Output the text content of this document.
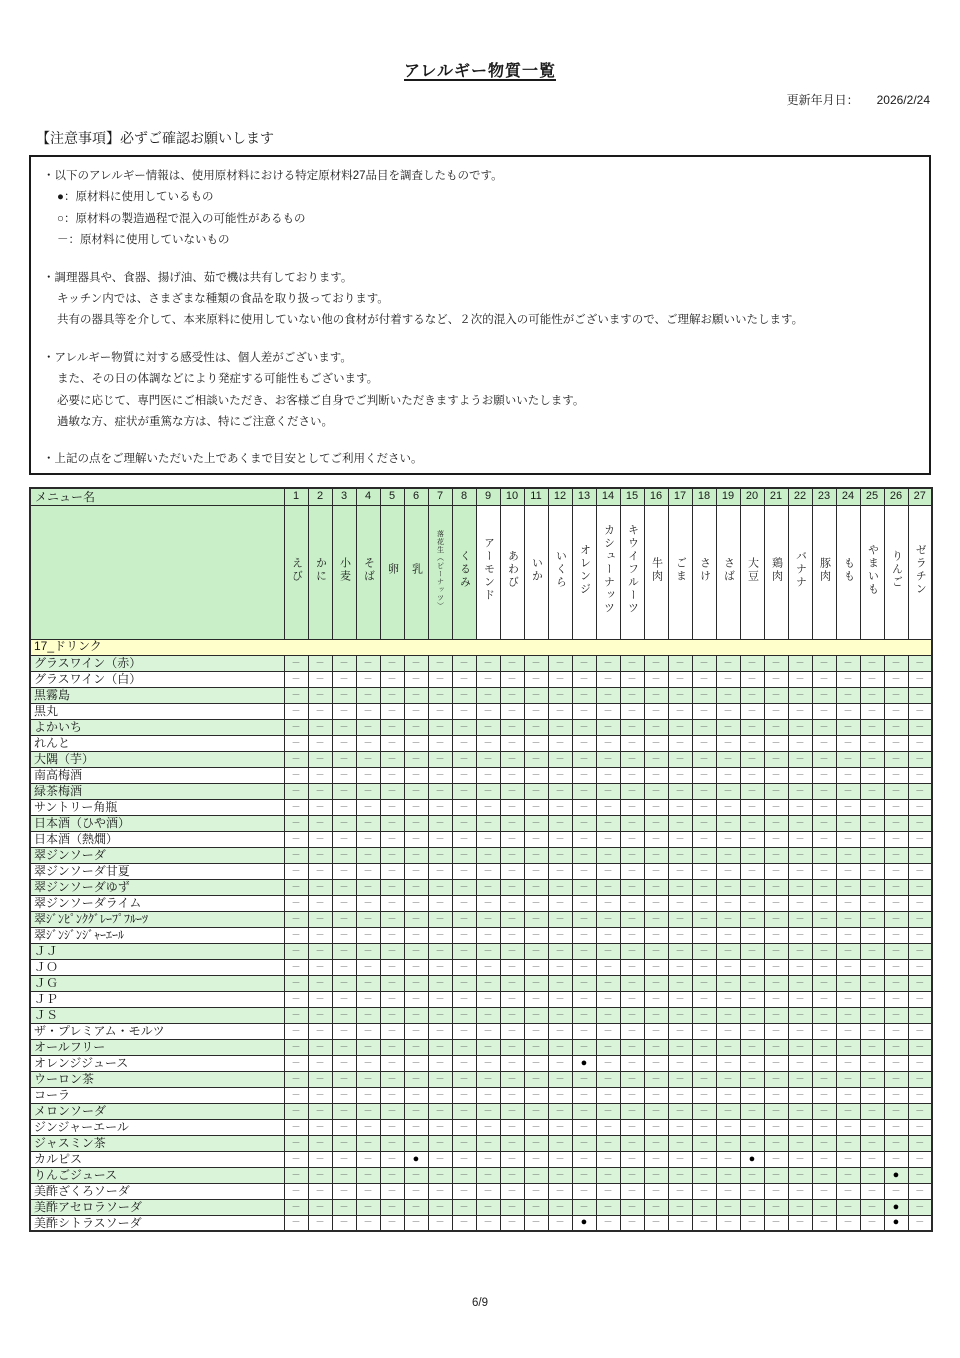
アレルギー物質一覧
更新年月日： 2026/2/24
【注意事項】必ずご確認お願いします
・以下のアレルギー情報は、使用原材料における特定原材料27品目を調査したものです。
●：原材料に使用しているもの
○：原材料の製造過程で混入の可能性があるもの
－：原材料に使用していないもの
・調理器具や、食器、揚げ油、茹で機は共有しております。
キッチン内では、さまざまな種類の食品を取り扱っております。
共有の器具等を介して、本来原料に使用していない他の食材が付着するなど、２次的混入の可能性がございますので、ご理解お願いいたします。
・アレルギー物質に対する感受性は、個人差がございます。
また、その日の体調などにより発症する可能性もございます。
必要に応じて、専門医にご相談いただき、お客様ご自身でご判断いただきますようお願いいたします。
過敏な方、症状が重篤な方は、特にご注意ください。
・上記の点をご理解いただいた上であくまで目安としてご利用ください。
メニュー名	1	2	3	4	5	6	7	8	9	10	11	12	13	14	15	16	17	18	19	20	21	22	23	24	25	26	27
	えび	かに	小麦	そば	卵	乳	落花生（ピーナッツ）	くるみ	アーモンド	あわび	いか	いくら	オレンジ	カシューナッツ	キウイフルーツ	牛肉	ごま	さけ	さば	大豆	鶏肉	バナナ	豚肉	もも	やまいも	りんご	ゼラチン
17_ドリンク																											
グラスワイン（赤）	－	－	－	－	－	－	－	－	－	－	－	－	－	－	－	－	－	－	－	－	－	－	－	－	－	－	－
グラスワイン（白）	－	－	－	－	－	－	－	－	－	－	－	－	－	－	－	－	－	－	－	－	－	－	－	－	－	－	－
黒霧島	－	－	－	－	－	－	－	－	－	－	－	－	－	－	－	－	－	－	－	－	－	－	－	－	－	－	－
黒丸	－	－	－	－	－	－	－	－	－	－	－	－	－	－	－	－	－	－	－	－	－	－	－	－	－	－	－
よかいち	－	－	－	－	－	－	－	－	－	－	－	－	－	－	－	－	－	－	－	－	－	－	－	－	－	－	－
れんと	－	－	－	－	－	－	－	－	－	－	－	－	－	－	－	－	－	－	－	－	－	－	－	－	－	－	－
大隅（芋）	－	－	－	－	－	－	－	－	－	－	－	－	－	－	－	－	－	－	－	－	－	－	－	－	－	－	－
南高梅酒	－	－	－	－	－	－	－	－	－	－	－	－	－	－	－	－	－	－	－	－	－	－	－	－	－	－	－
緑茶梅酒	－	－	－	－	－	－	－	－	－	－	－	－	－	－	－	－	－	－	－	－	－	－	－	－	－	－	－
サントリー角瓶	－	－	－	－	－	－	－	－	－	－	－	－	－	－	－	－	－	－	－	－	－	－	－	－	－	－	－
日本酒（ひや酒）	－	－	－	－	－	－	－	－	－	－	－	－	－	－	－	－	－	－	－	－	－	－	－	－	－	－	－
日本酒（熱燗）	－	－	－	－	－	－	－	－	－	－	－	－	－	－	－	－	－	－	－	－	－	－	－	－	－	－	－
翠ジンソーダ	－	－	－	－	－	－	－	－	－	－	－	－	－	－	－	－	－	－	－	－	－	－	－	－	－	－	－
翠ジンソーダ甘夏	－	－	－	－	－	－	－	－	－	－	－	－	－	－	－	－	－	－	－	－	－	－	－	－	－	－	－
翠ジンソーダゆず	－	－	－	－	－	－	－	－	－	－	－	－	－	－	－	－	－	－	－	－	－	－	－	－	－	－	－
翠ジンソーダライム	－	－	－	－	－	－	－	－	－	－	－	－	－	－	－	－	－	－	－	－	－	－	－	－	－	－	－
翠ｼﾞﾝﾋﾟﾝｸｸﾞﾚｰﾌﾟﾌﾙｰﾂ	－	－	－	－	－	－	－	－	－	－	－	－	－	－	－	－	－	－	－	－	－	－	－	－	－	－	－
翠ｼﾞﾝｼﾞﾝｼﾞｬｰｴｰﾙ	－	－	－	－	－	－	－	－	－	－	－	－	－	－	－	－	－	－	－	－	－	－	－	－	－	－	－
ＪＪ	－	－	－	－	－	－	－	－	－	－	－	－	－	－	－	－	－	－	－	－	－	－	－	－	－	－	－
ＪＯ	－	－	－	－	－	－	－	－	－	－	－	－	－	－	－	－	－	－	－	－	－	－	－	－	－	－	－
ＪＧ	－	－	－	－	－	－	－	－	－	－	－	－	－	－	－	－	－	－	－	－	－	－	－	－	－	－	－
ＪＰ	－	－	－	－	－	－	－	－	－	－	－	－	－	－	－	－	－	－	－	－	－	－	－	－	－	－	－
ＪＳ	－	－	－	－	－	－	－	－	－	－	－	－	－	－	－	－	－	－	－	－	－	－	－	－	－	－	－
ザ・プレミアム・モルツ	－	－	－	－	－	－	－	－	－	－	－	－	－	－	－	－	－	－	－	－	－	－	－	－	－	－	－
オールフリー	－	－	－	－	－	－	－	－	－	－	－	－	－	－	－	－	－	－	－	－	－	－	－	－	－	－	－
オレンジジュース	－	－	－	－	－	－	－	－	－	－	－	－	●	－	－	－	－	－	－	－	－	－	－	－	－	－	－
ウーロン茶	－	－	－	－	－	－	－	－	－	－	－	－	－	－	－	－	－	－	－	－	－	－	－	－	－	－	－
コーラ	－	－	－	－	－	－	－	－	－	－	－	－	－	－	－	－	－	－	－	－	－	－	－	－	－	－	－
メロンソーダ	－	－	－	－	－	－	－	－	－	－	－	－	－	－	－	－	－	－	－	－	－	－	－	－	－	－	－
ジンジャーエール	－	－	－	－	－	－	－	－	－	－	－	－	－	－	－	－	－	－	－	－	－	－	－	－	－	－	－
ジャスミン茶	－	－	－	－	－	－	－	－	－	－	－	－	－	－	－	－	－	－	－	－	－	－	－	－	－	－	－
カルピス	－	－	－	－	－	●	－	－	－	－	－	－	－	－	－	－	－	－	－	●	－	－	－	－	－	－	－
りんごジュース	－	－	－	－	－	－	－	－	－	－	－	－	－	－	－	－	－	－	－	－	－	－	－	－	－	●	－
美酢ざくろソーダ	－	－	－	－	－	－	－	－	－	－	－	－	－	－	－	－	－	－	－	－	－	－	－	－	－	－	－
美酢アセロラソーダ	－	－	－	－	－	－	－	－	－	－	－	－	－	－	－	－	－	－	－	－	－	－	－	－	－	●	－
美酢シトラスソーダ	－	－	－	－	－	－	－	－	－	－	－	－	●	－	－	－	－	－	－	－	－	－	－	－	－	●	－
6/9
